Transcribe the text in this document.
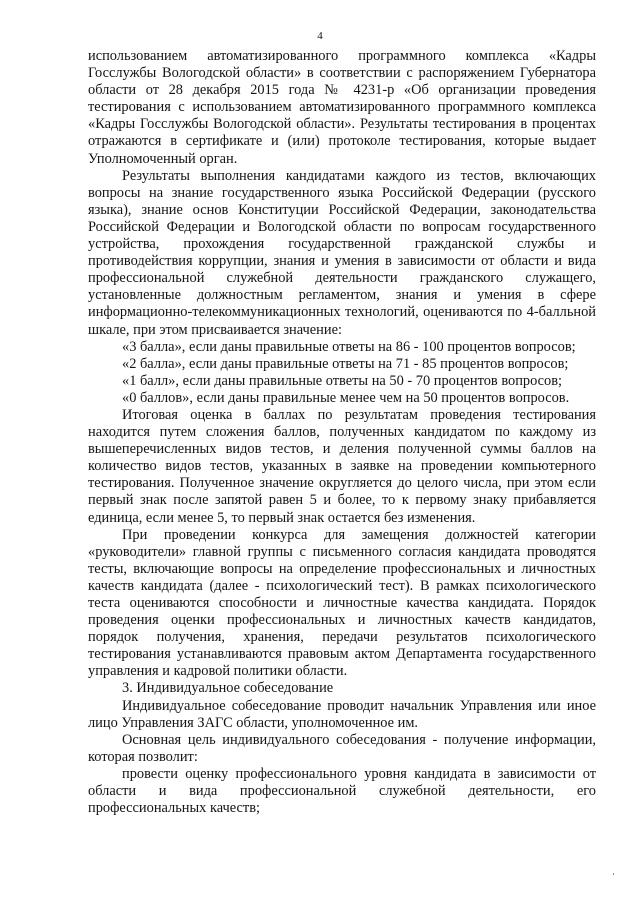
4

использованием автоматизированного программного комплекса «Кадры Госслужбы Вологодской области» в соответствии с распоряжением Губернатора области от 28 декабря 2015 года № 4231-р «Об организации проведения тестирования с использованием автоматизированного программного комплекса «Кадры Госслужбы Вологодской области». Результаты тестирования в процентах отражаются в сертификате и (или) протоколе тестирования, которые выдает Уполномоченный орган.

Результаты выполнения кандидатами каждого из тестов, включающих вопросы на знание государственного языка Российской Федерации (русского языка), знание основ Конституции Российской Федерации, законодательства Российской Федерации и Вологодской области по вопросам государственного устройства, прохождения государственной гражданской службы и противодействия коррупции, знания и умения в зависимости от области и вида профессиональной служебной деятельности гражданского служащего, установленные должностным регламентом, знания и умения в сфере информационно-телекоммуникационных технологий, оцениваются по 4-балльной шкале, при этом присваивается значение:

«3 балла», если даны правильные ответы на 86 - 100 процентов вопросов;

«2 балла», если даны правильные ответы на 71 - 85 процентов вопросов;

«1 балл», если даны правильные ответы на 50 - 70 процентов вопросов;

«0 баллов», если даны правильные менее чем на 50 процентов вопросов.

Итоговая оценка в баллах по результатам проведения тестирования находится путем сложения баллов, полученных кандидатом по каждому из вышеперечисленных видов тестов, и деления полученной суммы баллов на количество видов тестов, указанных в заявке на проведении компьютерного тестирования. Полученное значение округляется до целого числа, при этом если первый знак после запятой равен 5 и более, то к первому знаку прибавляется единица, если менее 5, то первый знак остается без изменения.

При проведении конкурса для замещения должностей категории «руководители» главной группы с письменного согласия кандидата проводятся тесты, включающие вопросы на определение профессиональных и личностных качеств кандидата (далее - психологический тест). В рамках психологического теста оцениваются способности и личностные качества кандидата. Порядок проведения оценки профессиональных и личностных качеств кандидатов, порядок получения, хранения, передачи результатов психологического тестирования устанавливаются правовым актом Департамента государственного управления и кадровой политики области.

3. Индивидуальное собеседование

Индивидуальное собеседование проводит начальник Управления или иное лицо Управления ЗАГС области, уполномоченное им.

Основная цель индивидуального собеседования - получение информации, которая позволит:

провести оценку профессионального уровня кандидата в зависимости от области и вида профессиональной служебной деятельности, его профессиональных качеств;
